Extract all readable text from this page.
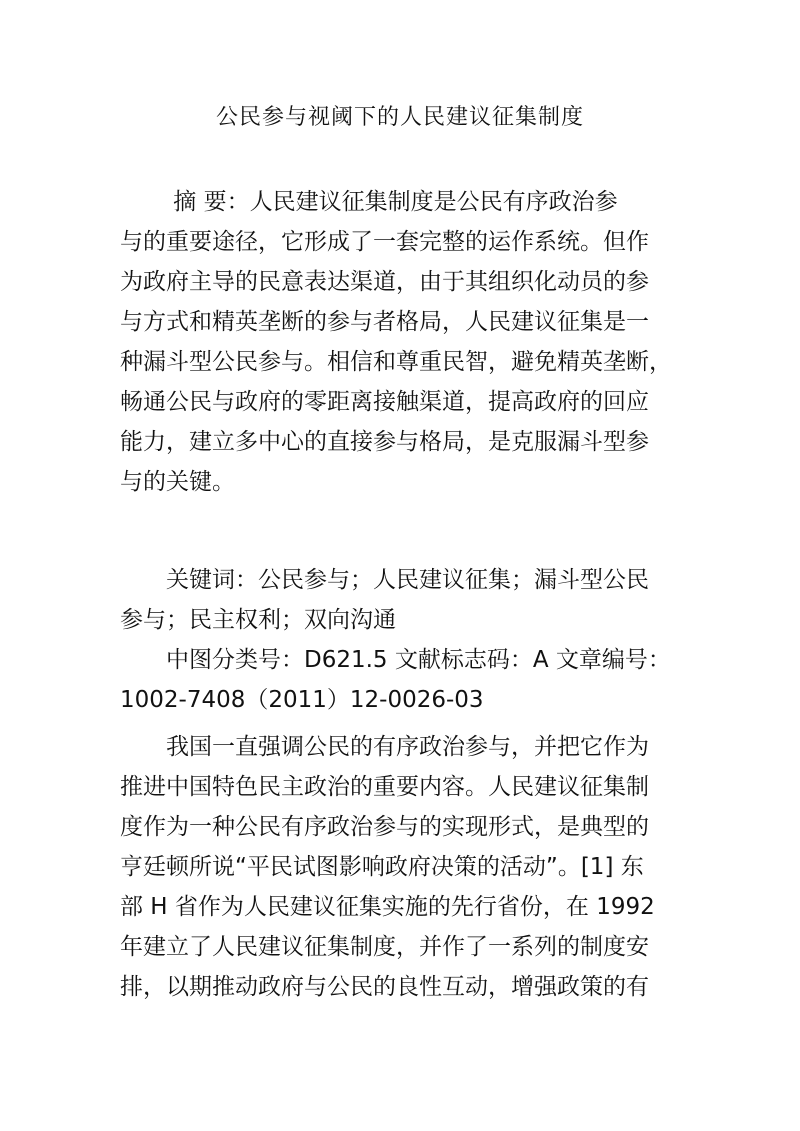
公民参与视阈下的人民建议征集制度
　　 摘 要：人民建议征集制度是公民有序政治参
与的重要途径，它形成了一套完整的运作系统。但作
为政府主导的民意表达渠道，由于其组织化动员的参
与方式和精英垄断的参与者格局，人民建议征集是一
种漏斗型公民参与。相信和尊重民智，避免精英垄断，
畅通公民与政府的零距离接触渠道，提高政府的回应
能力，建立多中心的直接参与格局，是克服漏斗型参
与的关键。
　　关键词：公民参与；人民建议征集；漏斗型公民
参与；民主权利；双向沟通
　　中图分类号：D621.5 文献标志码：A 文章编号：
1002-7408（2011）12-0026-03
　　我国一直强调公民的有序政治参与，并把它作为
推进中国特色民主政治的重要内容。人民建议征集制
度作为一种公民有序政治参与的实现形式，是典型的
亨廷顿所说“平民试图影响政府决策的活动”。[1] 东
部 H 省作为人民建议征集实施的先行省份，在 1992
年建立了人民建议征集制度，并作了一系列的制度安
排，以期推动政府与公民的良性互动，增强政策的有
